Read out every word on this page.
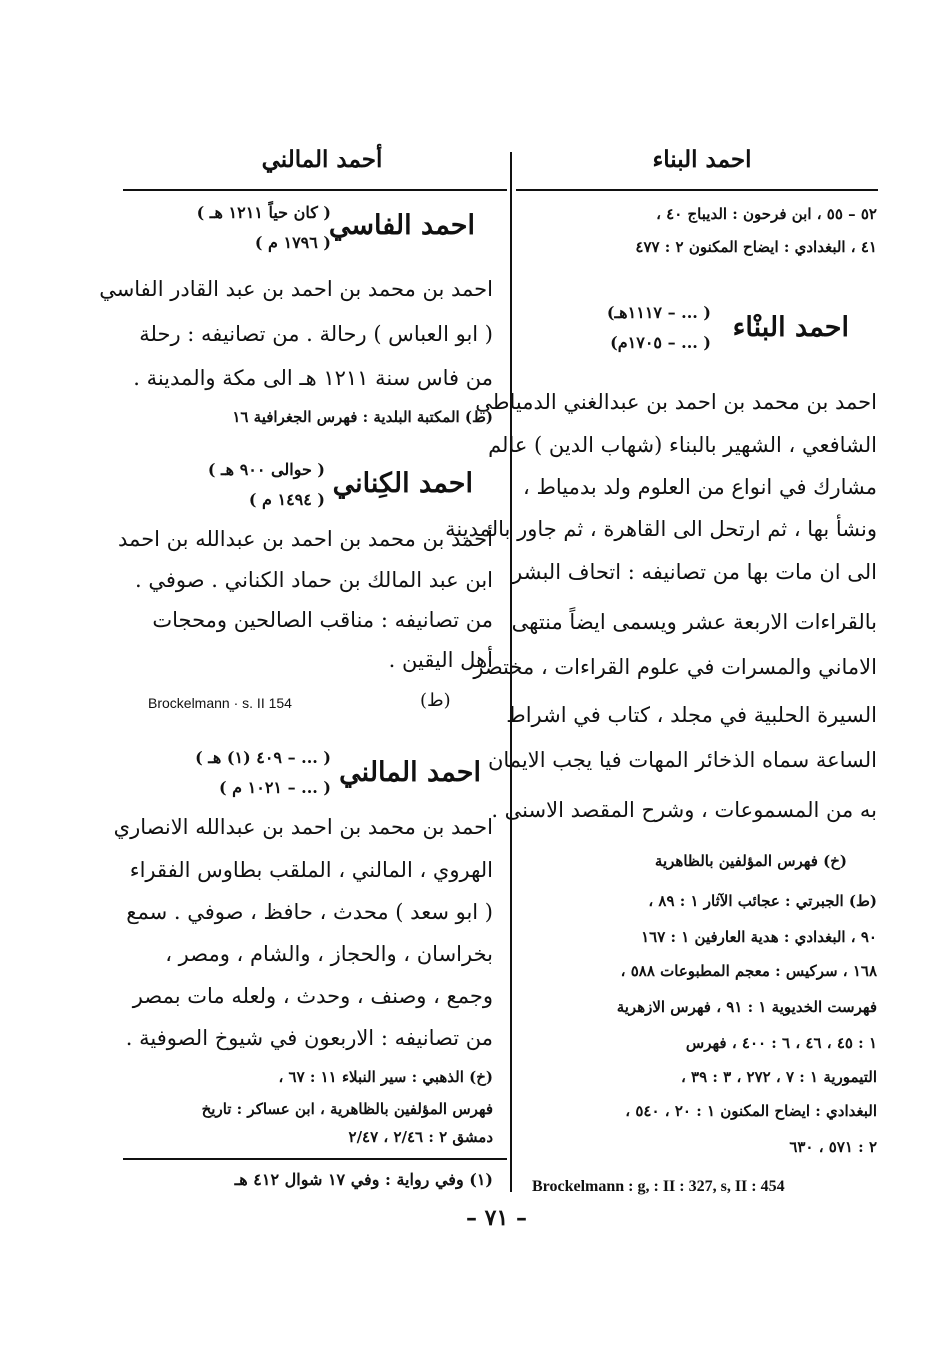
احمد البناء
أحمد المالني
٥٢ – ٥٥ ، ابن فرحون : الديباج ٤٠ ،
٤١ ، البغدادي : ايضاح المكنون ٢ : ٤٧٧
احمد البنْاء
( ... – ١١١٧هـ)
( ... – ١٧٠٥م)
احمد بن محمد بن احمد بن عبدالغني الدمياطي
الشافعي ، الشهير بالبناء (شهاب الدين ) عالم
مشارك في انواع من العلوم ولد بدمياط ،
ونشأ بها ، ثم ارتحل الى القاهرة ، ثم جاور بالمدينة
الى ان مات بها من تصانيفه : اتحاف البشر
بالقراءات الاربعة عشر ويسمى ايضاً منتهى
الاماني والمسرات في علوم القراءات ، مختصر
السيرة الحلبية في مجلد ، كتاب في اشراط
الساعة سماه الذخائر المهات فيا يجب الايمان
به من المسموعات ، وشرح المقصد الاسنى .
(خ) فهرس المؤلفين بالظاهرية
(ط) الجبرتي : عجائب الآثار ١ : ٨٩ ،
٩٠ ، البغدادي : هدية العارفين ١ : ١٦٧
١٦٨ ، سركيس : معجم المطبوعات ٥٨٨ ،
فهرست الخديوية ١ : ٩١ ، فهرس الازهرية
١ : ٤٥ ، ٤٦ ، ٦ : ٤٠٠ ، فهرس
التيمورية ١ : ٧ ، ٢٧٢ ، ٣ : ٣٩ ،
البغدادي : ايضاح المكنون ١ : ٢٠ ، ٥٤٠ ،
٢ : ٥٧١ ، ٦٣٠
Brockelmann : g, : II : 327, s, II : 454
احمد الفاسي
( كان حياً ١٢١١ هـ )
( ١٧٩٦ م )
احمد بن محمد بن احمد بن عبد القادر الفاسي
( ابو العباس ) رحالة . من تصانيفه : رحلة
من فاس سنة ١٢١١ هـ الى مكة والمدينة .
(ط) المكتبة البلدية : فهرس الجغرافية ١٦
احمد الكِناني
( حوالى ٩٠٠ هـ )
( ١٤٩٤ م )
أحمد بن محمد بن احمد بن عبدالله بن احمد
ابن عبد المالك بن حماد الكناني . صوفي .
من تصانيفه : مناقب الصالحين ومحجات
أهل اليقين .
(ط)
Brockelmann · s. II 154
احمد المالني
( ... – ٤٠٩ (١) هـ )
( ... – ١٠٢١ م )
احمد بن محمد بن احمد بن عبدالله الانصاري
الهروي ، المالني ، الملقب بطاوس الفقراء
( ابو سعد ) محدث ، حافظ ، صوفي . سمع
بخراسان ، والحجاز ، والشام ، ومصر ،
وجمع ، وصنف ، وحدث ، ولعله مات بمصر
من تصانيفه : الاربعون في شيوخ الصوفية .
(خ) الذهبي : سير النبلاء ١١ : ٦٧ ،
فهرس المؤلفين بالظاهرية ، ابن عساكر : تاريخ
دمشق ٢ : ٢/٤٦ ، ٢/٤٧
(١) وفي رواية : وفي ١٧ شوال ٤١٢ هـ
– ٧١ –
